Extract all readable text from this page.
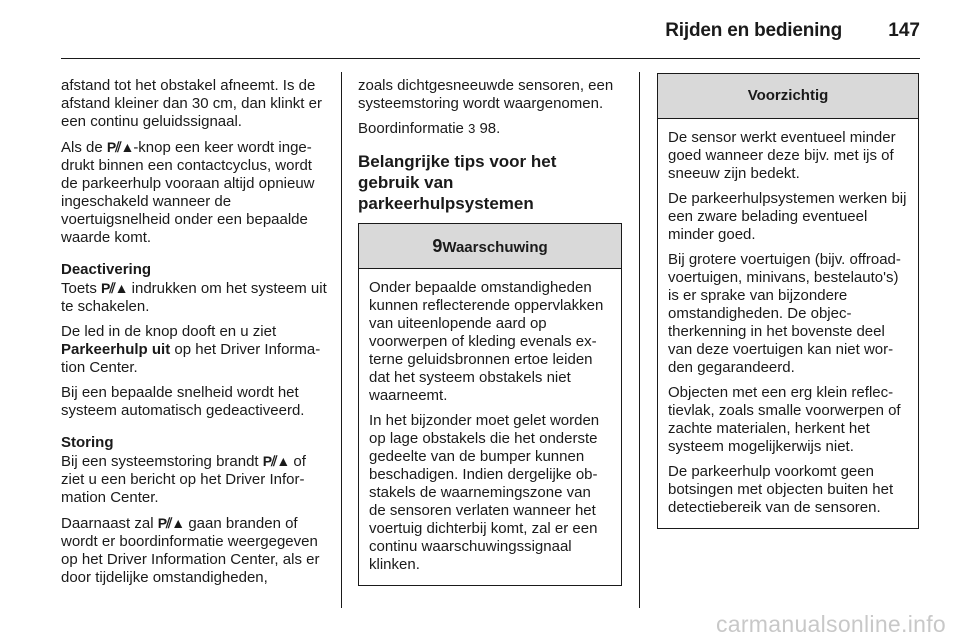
Rijden en bediening 147

afstand tot het obstakel afneemt. Is de afstand kleiner dan 30 cm, dan klinkt er een continu geluidssignaal.

Als de P⫽▲-knop een keer wordt ingedrukt binnen een contactcyclus, wordt de parkeerhulp vooraan altijd opnieuw ingeschakeld wanneer de voertuigsnelheid onder een bepaalde waarde komt.

Deactivering

Toets P⫽▲ indrukken om het systeem uit te schakelen.

De led in de knop dooft en u ziet Parkeerhulp uit op het Driver Information Center.

Bij een bepaalde snelheid wordt het systeem automatisch gedeactiveerd.

Storing

Bij een systeemstoring brandt P⫽▲ of ziet u een bericht op het Driver Information Center.

Daarnaast zal P⫽▲ gaan branden of wordt er boordinformatie weergegeven op het Driver Information Center, als er door tijdelijke omstandigheden,

zoals dichtgesneeuwde sensoren, een systeemstoring wordt waargenomen.

Boordinformatie 3 98.

Belangrijke tips voor het gebruik van parkeerhulpsystemen
9Waarschuwing

Onder bepaalde omstandigheden kunnen reflecterende oppervlakken van uiteenlopende aard op voorwerpen of kleding evenals externe geluidsbronnen ertoe leiden dat het systeem obstakels niet waarneemt.

In het bijzonder moet gelet worden op lage obstakels die het onderste gedeelte van de bumper kunnen beschadigen. Indien dergelijke obstakels de waarnemingszone van de sensoren verlaten wanneer het voertuig dichterbij komt, zal er een continu waarschuwingssignaal klinken.

Voorzichtig

De sensor werkt eventueel minder goed wanneer deze bijv. met ijs of sneeuw zijn bedekt.

De parkeerhulpsystemen werken bij een zware belading eventueel minder goed.

Bij grotere voertuigen (bijv. offroad-voertuigen, minivans, bestelauto's) is er sprake van bijzondere omstandigheden. De objectherkenning in het bovenste deel van deze voertuigen kan niet worden gegarandeerd.

Objecten met een erg klein reflectievlak, zoals smalle voorwerpen of zachte materialen, herkent het systeem mogelijkerwijs niet.

De parkeerhulp voorkomt geen botsingen met objecten buiten het detectiebereik van de sensoren.

carmanualsonline.info
